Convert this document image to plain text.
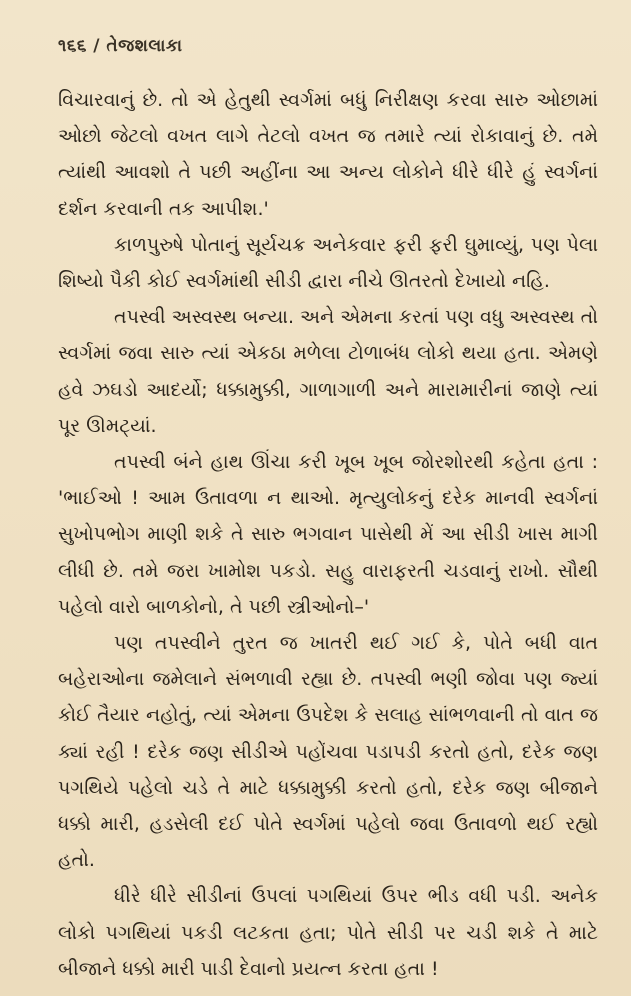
૧૬૬ / તેજશલાકા

વિચારવાનું છે. તો એ હેતુથી સ્વર્ગમાં બધું નિરીક્ષણ કરવા સારુ ઓછામાં ઓછો જેટલો વખત લાગે તેટલો વખત જ તમારે ત્યાં રોકાવાનું છે. તમે ત્યાંથી આવશો તે પછી અહીંના આ અન્ય લોકોને ધીરે ધીરે હું સ્વર્ગનાં દર્શન કરવાની તક આપીશ.'

કાળપુરુષે પોતાનું સૂર્યચક્ર અનેકવાર ફરી ફરી ઘુમાવ્યું, પણ પેલા શિષ્યો પૈકી કોઈ સ્વર્ગમાંથી સીડી દ્વારા નીચે ઊતરતો દેખાયો નહિ.

તપસ્વી અસ્વસ્થ બન્યા. અને એમના કરતાં પણ વધુ અસ્વસ્થ તો સ્વર્ગમાં જવા સારુ ત્યાં એકઠા મળેલા ટોળાબંધ લોકો થયા હતા. એમણે હવે ઝઘડો આદર્યો; ધક્કામુક્કી, ગાળાગાળી અને મારામારીનાં જાણે ત્યાં પૂર ઊમટ્યાં.

તપસ્વી બંને હાથ ઊંચા કરી ખૂબ ખૂબ જોરશોરથી કહેતા હતા : 'ભાઈઓ ! આમ ઉતાવળા ન થાઓ. મૃત્યુલોકનું દરેક માનવી સ્વર્ગનાં સુખોપભોગ માણી શકે તે સારુ ભગવાન પાસેથી મેં આ સીડી ખાસ માગી લીધી છે. તમે જરા ખામોશ પકડો. સહુ વારાફરતી ચડવાનું રાખો. સૌથી પહેલો વારો બાળકોનો, તે પછી સ્ત્રીઓનો–'

પણ તપસ્વીને તુરત જ ખાતરી થઈ ગઈ કે, પોતે બધી વાત બહેરાઓના જમેલાને સંભળાવી રહ્યા છે. તપસ્વી ભણી જોવા પણ જ્યાં કોઈ તૈયાર નહોતું, ત્યાં એમના ઉપદેશ કે સલાહ સાંભળવાની તો વાત જ ક્યાં રહી ! દરેક જણ સીડીએ પહોંચવા પડાપડી કરતો હતો, દરેક જણ પગથિયે પહેલો ચડે તે માટે ધક્કામુક્કી કરતો હતો, દરેક જણ બીજાને ધક્કો મારી, હડસેલી દઈ પોતે સ્વર્ગમાં પહેલો જવા ઉતાવળો થઈ રહ્યો હતો.

ધીરે ધીરે સીડીનાં ઉપલાં પગથિયાં ઉપર ભીડ વધી પડી. અનેક લોકો પગથિયાં પકડી લટકતા હતા; પોતે સીડી પર ચડી શકે તે માટે બીજાને ધક્કો મારી પાડી દેવાનો પ્રયત્ન કરતા હતા !
